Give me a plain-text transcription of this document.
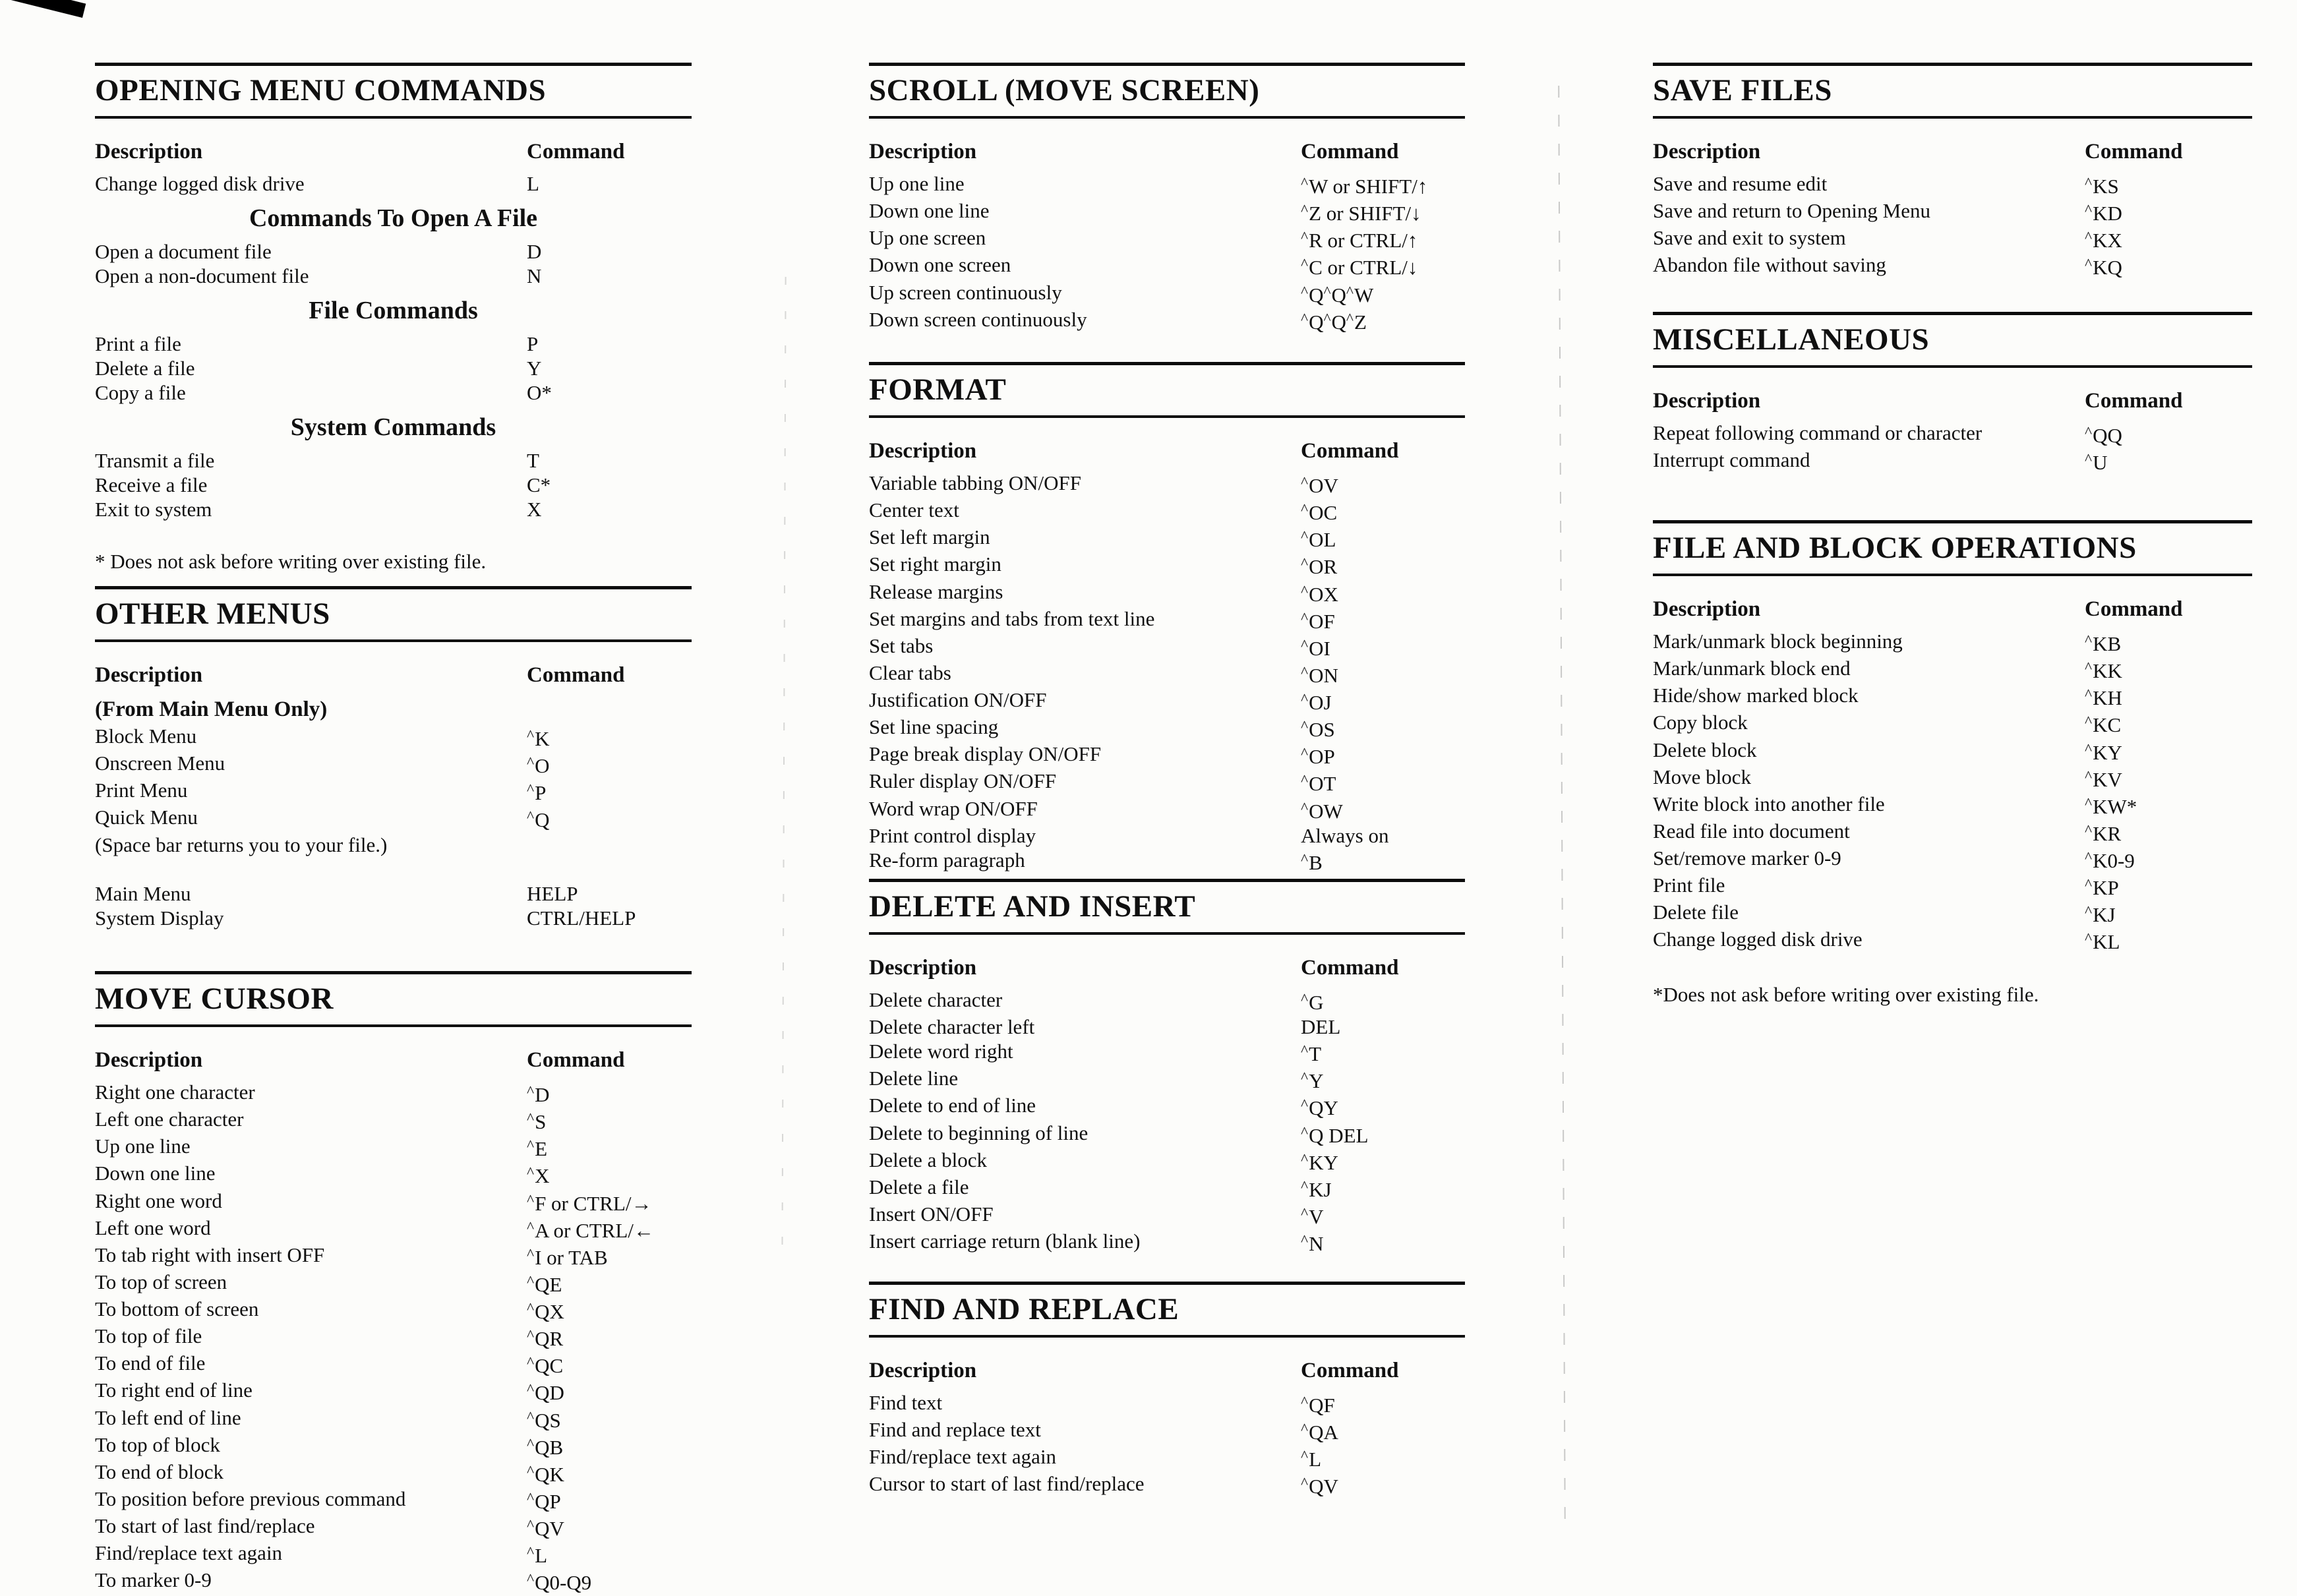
OPENING MENU COMMANDS
Description	Command
Change logged disk drive	L
Commands To Open A File
Open a document file	D
Open a non-document file	N
File Commands
Print a file	P
Delete a file	Y
Copy a file	O*
System Commands
Transmit a file	T
Receive a file	C*
Exit to system	X
* Does not ask before writing over existing file.
OTHER MENUS
Description	Command
(From Main Menu Only)
Block Menu	^K
Onscreen Menu	^O
Print Menu	^P
Quick Menu	^Q
(Space bar returns you to your file.)
Main Menu	HELP
System Display	CTRL/HELP
MOVE CURSOR
Description	Command
Right one character	^D
Left one character	^S
Up one line	^E
Down one line	^X
Right one word	^F or CTRL/→
Left one word	^A or CTRL/←
To tab right with insert OFF	^I or TAB
To top of screen	^QE
To bottom of screen	^QX
To top of file	^QR
To end of file	^QC
To right end of line	^QD
To left end of line	^QS
To top of block	^QB
To end of block	^QK
To position before previous command	^QP
To start of last find/replace	^QV
Find/replace text again	^L
To marker 0-9	^Q0-Q9
SCROLL (MOVE SCREEN)
Description	Command
Up one line	^W or SHIFT/↑
Down one line	^Z or SHIFT/↓
Up one screen	^R or CTRL/↑
Down one screen	^C or CTRL/↓
Up screen continuously	^Q^Q^W
Down screen continuously	^Q^Q^Z
FORMAT
Description	Command
Variable tabbing ON/OFF	^OV
Center text	^OC
Set left margin	^OL
Set right margin	^OR
Release margins	^OX
Set margins and tabs from text line	^OF
Set tabs	^OI
Clear tabs	^ON
Justification ON/OFF	^OJ
Set line spacing	^OS
Page break display ON/OFF	^OP
Ruler display ON/OFF	^OT
Word wrap ON/OFF	^OW
Print control display	Always on
Re-form paragraph	^B
DELETE AND INSERT
Description	Command
Delete character	^G
Delete character left	DEL
Delete word right	^T
Delete line	^Y
Delete to end of line	^QY
Delete to beginning of line	^Q DEL
Delete a block	^KY
Delete a file	^KJ
Insert ON/OFF	^V
Insert carriage return (blank line)	^N
FIND AND REPLACE
Description	Command
Find text	^QF
Find and replace text	^QA
Find/replace text again	^L
Cursor to start of last find/replace	^QV
SAVE FILES
Description	Command
Save and resume edit	^KS
Save and return to Opening Menu	^KD
Save and exit to system	^KX
Abandon file without saving	^KQ
MISCELLANEOUS
Description	Command
Repeat following command or character	^QQ
Interrupt command	^U
FILE AND BLOCK OPERATIONS
Description	Command
Mark/unmark block beginning	^KB
Mark/unmark block end	^KK
Hide/show marked block	^KH
Copy block	^KC
Delete block	^KY
Move block	^KV
Write block into another file	^KW*
Read file into document	^KR
Set/remove marker 0-9	^K0-9
Print file	^KP
Delete file	^KJ
Change logged disk drive	^KL
*Does not ask before writing over existing file.
